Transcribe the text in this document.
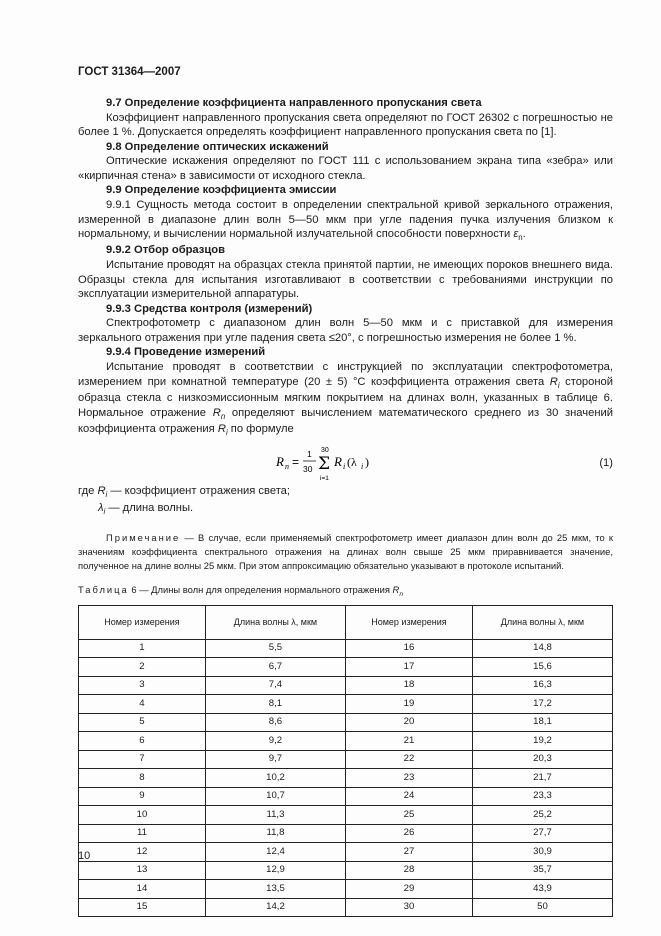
ГОСТ 31364—2007

9.7 Определение коэффициента направленного пропускания света

Коэффициент направленного пропускания света определяют по ГОСТ 26302 с погрешностью не более 1 %. Допускается определять коэффициент направленного пропускания света по [1].

9.8 Определение оптических искажений

Оптические искажения определяют по ГОСТ 111 с использованием экрана типа «зебра» или «кирпичная стена» в зависимости от исходного стекла.

9.9 Определение коэффициента эмиссии

9.9.1 Сущность метода состоит в определении спектральной кривой зеркального отражения, измеренной в диапазоне длин волн 5—50 мкм при угле падения пучка излучения близком к нормальному, и вычислении нормальной излучательной способности поверхности $\varepsilon_n$.

9.9.2 Отбор образцов

Испытание проводят на образцах стекла принятой партии, не имеющих пороков внешнего вида. Образцы стекла для испытания изготавливают в соответствии с требованиями инструкции по эксплуатации измерительной аппаратуры.

9.9.3 Средства контроля (измерений)

Спектрофотометр с диапазоном длин волн 5—50 мкм и с приставкой для измерения зеркального отражения при угле падения света ≤20°, с погрешностью измерения не более 1 %.

9.9.4 Проведение измерений

Испытание проводят в соответствии с инструкцией по эксплуатации спектрофотометра, измерением при комнатной температуре (20 ± 5) °С коэффициента отражения света $R_i$ стороной образца стекла с низкоэмиссионным мягким покрытием на длинах волн, указанных в таблице 6. Нормальное отражение $R_n$ определяют вычислением математического среднего из 30 значений коэффициента отражения $R_i$ по формуле

R n =
1
30
30
Σ
i=1
R i (λ i )	(1)

где $R_i$ — коэффициент отражения света;

$\lambda_i$ — длина волны.

Примечание — В случае, если применяемый спектрофотометр имеет диапазон длин волн до 25 мкм, то к значениям коэффициента спектрального отражения на длинах волн свыше 25 мкм приравнивается значение, полученное на длине волны 25 мкм. При этом аппроксимацию обязательно указывают в протоколе испытаний.

Таблица 6 — Длины волн для определения нормального отражения $R_n$

Номер измерения	Длина волны λ, мкм	Номер измерения	Длина волны λ, мкм
1	5,5	16	14,8
2	6,7	17	15,6
3	7,4	18	16,3
4	8,1	19	17,2
5	8,6	20	18,1
6	9,2	21	19,2
7	9,7	22	20,3
8	10,2	23	21,7
9	10,7	24	23,3
10	11,3	25	25,2
11	11,8	26	27,7
12	12,4	27	30,9
13	12,9	28	35,7
14	13,5	29	43,9
15	14,2	30	50
10
